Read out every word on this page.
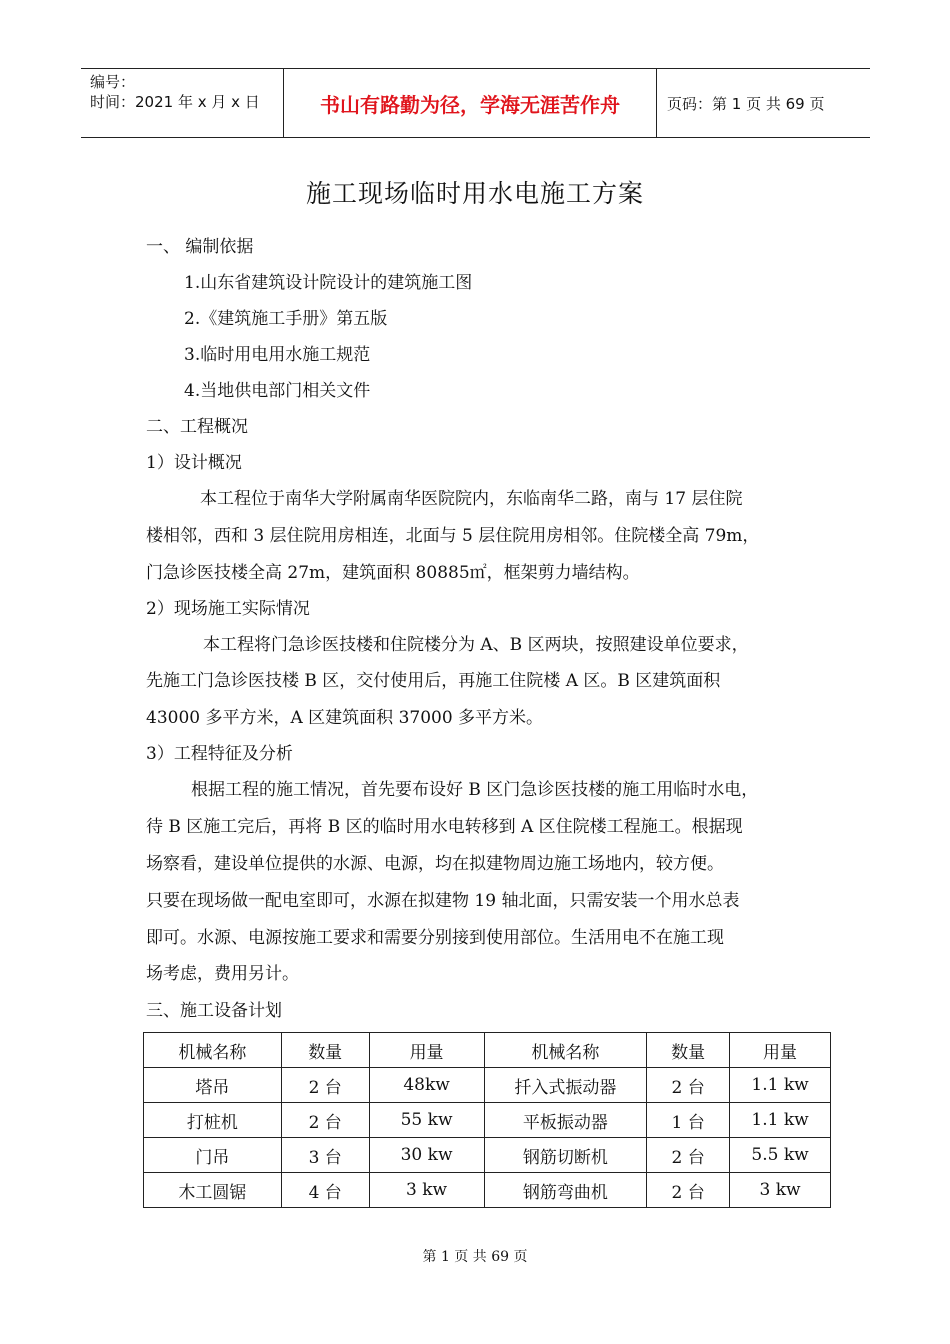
编号：
时间：2021 年 x 月 x 日	书山有路勤为径，学海无涯苦作舟	页码：第 1 页 共 69 页
施工现场临时用水电施工方案
一、 编制依据
1.山东省建筑设计院设计的建筑施工图
2.《建筑施工手册》第五版
3.临时用电用水施工规范
4.当地供电部门相关文件
二、工程概况
1）设计概况
本工程位于南华大学附属南华医院院内，东临南华二路，南与 17 层住院
楼相邻，西和 3 层住院用房相连，北面与 5 层住院用房相邻。住院楼全高 79m，
门急诊医技楼全高 27m，建筑面积 80885㎡，框架剪力墙结构。
2）现场施工实际情况
本工程将门急诊医技楼和住院楼分为 A、B 区两块，按照建设单位要求，
先施工门急诊医技楼 B 区，交付使用后，再施工住院楼 A 区。B 区建筑面积
43000 多平方米，A 区建筑面积 37000 多平方米。
3）工程特征及分析
根据工程的施工情况，首先要布设好 B 区门急诊医技楼的施工用临时水电，
待 B 区施工完后，再将 B 区的临时用水电转移到 A 区住院楼工程施工。根据现
场察看，建设单位提供的水源、电源，均在拟建物周边施工场地内，较方便。
只要在现场做一配电室即可，水源在拟建物 19 轴北面，只需安装一个用水总表
即可。水源、电源按施工要求和需要分别接到使用部位。生活用电不在施工现
场考虑，费用另计。
三、施工设备计划
机械名称	数量	用量	机械名称	数量	用量
塔吊	2 台	48kw	扦入式振动器	2 台	1.1 kw
打桩机	2 台	55 kw	平板振动器	1 台	1.1 kw
门吊	3 台	30 kw	钢筋切断机	2 台	5.5 kw
木工圆锯	4 台	3 kw	钢筋弯曲机	2 台	3 kw
第 1 页 共 69 页
